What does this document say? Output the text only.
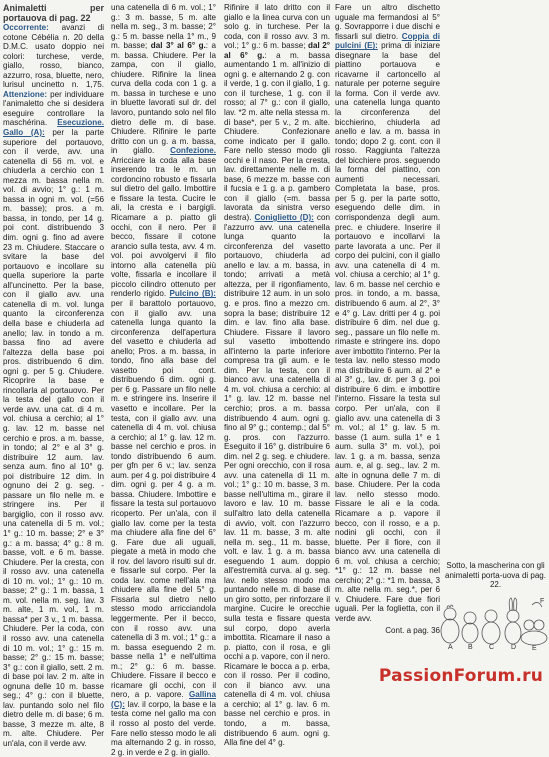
Animaletti per portauova di pag. 22

Occorrente: avanzi di cotone Cébélia n. 20 della D.M.C. usato doppio nei colori: turchese, verde, giallo, rosso, bianco, azzurro, rosa, bluette, nero, lurisul uncinetto n. 1,75. Attenzione: per individuare l'animaletto che si desidera eseguire controllare la maschérina. Esecuzione. Gallo (A): per la parte superiore del portauovo, con il verde, avv. una catenella di 56 m. vol. e chiuderla a cerchio con 1 mezza m. bassa nella m. vol. di avvio; 1° g.: 1 m. bassa in ogni m. vol. (=56 m. basse); pros. a m. bassa, in tondo, per 14 g. poi cont. distribuendo 3 dim. ogni g. fino ad avere 23 m. Chiudere. Staccare o svitare la base del portauovo e incollare su quella superiore la parte all'uncinetto. Per la base, con il giallo avv. una catenella di m. vol. lunga quanto la circonferenza della base e chiuderla ad anello; lav. in tondo a m. bassa fino ad avere l'altezza della base poi pros. distribuendo 6 dim. ogni g. per 5 g. Chiudere. Ricoprire la base e rincollarla al portauovo. Per la testa del gallo con il verde avv. una cat. di 4 m. vol. chiusa a cerchio; al 1° g. lav. 12 m. basse nel cerchio e pros. a m. basse, in tondo; al 2° e al 3° g. distribuire 12 aum. lav. senza aum. fino al 10° g. poi distribuire 12 dim. In ognuno dei 2 g. seg. - passare un filo nelle m. e stringere ins. Per il bargiglio, con il rosso avv. una catenella di 5 m. vol.; 1° g.: 10 m. basse; 2° e 3° g.: a m. bassa; 4° g.: 8 m. basse, volt. e 6 m. basse. Chiudere. Per la cresta, con il rosso avv. una catenella di 10 m. vol.; 1° g.: 10 m. basse; 2° g.: 1 m. bassa, 1 m. vol. nella m. seg. lav. 3 m. alte, 1 m. vol., 1 m. bassa* per 3 v., 1 m. bassa. Chiudere. Per la coda, con il rosso avv. una catenella di 10 m. vol.; 1° g.: 15 m. basse; 2° g.: 15 m. basse; 3° g.: con il giallo, sett. 2 m. di base poi lav. 2 m. alte in ognuna delle 10 m. basse seg.; 4° g.: con il bluette, lav. puntando solo nel filo dietro delle m. di base; 6 m. basse, 3 mezze m. alte, 8 m. alte. Chiudere. Per un'ala, con il verde avv.

una catenella di 6 m. vol.; 1° g.: 3 m. basse, 5 m. alte nella m. seg., 3 m. basse; 2° g.: 5 m. basse nella 1° m., 9 m. basse; dal 3° al 6° g.: a m. bassa. Chiudere. Per la zampa, con il giallo, chiudere. Rifinire la linea curva della coda con 1 g. a m. bassa in turchese e uno in bluette lavorati sul dr. del lavoro, puntando solo nel filo dietro delle m. di base. Chiudere. Rifinire le parte dritto con un g. a m. bassa, in giallo. Confezione. Arricciare la coda alla base inserendo tra le m. un cordoncino robusto e fissarla sul dietro del gallo. Imbottire e fissare la testa. Cucire le ali, la cresta e i bargigli. Ricamare a p. piatto gli occhi, con il nero. Per il becco, fissare il cotone arancio sulla testa, avv. 4 m. vol. poi avvolgervi il filo intorno alla catenella più volte, fissarla e incollare il piccolo cilindro ottenuto per renderlo rigido. Pulcino (B): per il barattolo portauovo, con il giallo avv. una catenella lunga quanto la circonferenza dell'apertura del vasetto e chiuderla ad anello; Pros. a m. bassa, in tondo, fino alla base del vasetto poi cont. distribuendo 6 dim. ogni g. per 6 g. Passare un filo nelle m. e stringere ins. Inserire il vasetto e incollare. Per la testa, con il giallo avv. una catenella di 4 m. vol. chiusa a cerchio; al 1° g. lav. 12 m. basse nel cerchio e pros. in tondo distribuendo 6 aum. per gfn per 6 v.; lav. senza aum. per 4 g. poi distribuire 4 dim. ogni g. per 4 g. a m. bassa. Chiudere. Imbottire e fissare la testa sul portauovo ricoperto. Per un'ala, con il giallo lav. come per la testa ma chiudere alla fine del 6° g. Fare due ali uguali, piegate a metà in modo che il rov. del lavoro risulti sul dr. e fissarle sul corpo. Per la coda lav. come nell'ala ma chiudere alla fine del 5° g. Fissarla sul dietro nello stesso modo arricciandola leggermente. Per il becco, con il rosso avv. una catenella di 3 m. vol.; 1° g.: a m. bassa eseguendo 2 m. basse nella 1° e nell'ultima m.; 2° g.: 6 m. basse. Chiudere. Fissare il becco e ricamare gli occhi, con il nero, a p. vapore. Gallina (C): lav. il corpo, la base e la testa come nel gallo ma con il rosso al posto del verde. Fare nello stesso modo le ali ma alternando 2 g. in rosso, 2 g. in verde e 2 g. in giallo.

Rifinire il lato dritto con il giallo e la linea curva con un solo g. in turchese. Per la coda, con il rosso avv. 3 m. vol.; 1° g.: 6 m. basse; dal 2° al 6° g.: a m. bassa aumentando 1 m. all'inizio di ogni g. e alternando 2 g. con il verde, 1 g. con il giallo, 1 g. con il turchese, 1 g. con il rosso; al 7° g.: con il giallo, lav. *2 m. alte nella stessa m. di base*, per 5 v., 2 m. alte. Chiudere. Confezionare come indicato per il gallo. Fare nello stesso modo gli occhi e il naso. Per la cresta, lav. direttamente nelle m. di base, 6 mezze m. basse con il fucsia e 1 g. a p. gambero con il giallo (=m. bassa lavorata da sinistra verso destra). Coniglietto (D): con l'azzurro avv. una catenella lunga quanto la circonferenza del vasetto portauovo, chiuderla ad anello e lav. a m. bassa, in tondo; arrivati a metà altezza, per il rigonfiamento, distribuire 12 aum. in un solo g. e pros. fino a mezzo cm. sopra la base; distribuire 12 dim. e lav. fino alla base. Chiudere. Fissare il lavoro sul vasetto imbottendo all'interno la parte inferiore compresa tra gli aum. e le dim. Per la testa, con il bianco avv. una catenella di 4 m. vol. chiusa a cerchio: al 1° g. lav. 12 m. basse nel cerchio; pros. a m. bassa distribuendo 4 aum. ogni g. fino al 9° g.; contemp.; dal 5° g. pros. con l'azzurro. Eseguito il 16° g. distribuire 6 dim. nel 2 g. seg. e chiudere. Per ogni orecchio, con il rosa avv. una catenella di 11 m. vol.; 1° g.: 10 m. basse, 3 m. basse nell'ultima m., girare il lavoro e lav. 10 m. basse sull'altro lato della catenella di avvio, volt. con l'azzurro lav. 11 m. basse, 3 m. alte nella m. seg., 11 m. basse, volt. e lav. 1 g. a m. bassa eseguendo 1 aum. doppio all'estremità curva. al g. seg. lav. nello stesso modo ma puntando nelle m. di base di un giro sotto, per rinforzare il margine. Cucire le orecchie sulla testa e fissare questa sul corpo, dopo averla imbottita. Ricamare il naso a p. piatto, con il rosa, e gli occhi a p. vapore, con il nero. Ricamare le bocca a p. erba, con il rosso. Per il codino, con il bianco avv. una catenella di 4 m. vol. chiusa a cerchio; al 1° g. lav. 6 m. basse nel cerchio e pros. in tondo, a m. bassa, distribuendo 6 aum. ogni g. Alla fine del 4° g.

Fare un altro dischetto uguale ma fermandosi al 5° g. Sovrapporre i due dischi e fissarli sul dietro. Coppia di pulcini (E): prima di iniziare disegnare la base del piattino portauova e ricavarne il cartoncello al naturale per poterne seguire la forma. Con il verde avv. una catenella lunga quanto la circonferenza del bicchierino, chiuderla ad anello e lav. a m. bassa in tondo; dopo 2 g. cont. con il rosso. Raggiunta l'altezza del bicchiere pros. seguendo la forma del piattino, con aumenti necessari. Completata la base, pros. per 5 g. per la parte sotto, eseguendo delle dim. in corrispondenza degli aum. prec. e chiudere. Inserire il portauovo e incollarvi la parte lavorata a unc. Per il corpo dei pulcini, con il giallo avv. una catenella di 4 m. vol. chiusa a cerchio; al 1° g. lav. 6 m. basse nel cerchio e pros. in tondo, a m. bassa, distribuendo 6 aum. al 2°, 3° e 4° g. Lav. dritti per 4 g. poi distribuire 6 dim. nel due g. seg., passare un filo nelle m. rimaste e stringere ins. dopo aver imbottito l'interno. Per la testa lav. nello stesso modo ma distribuire 6 aum. al 2° e al 3° g., lav. dr. per 3 g. poi distribuire 6 dim. e imbottire l'interno. Fissare la testa sul corpo. Per un'ala, con il giallo avv. una catenella di 3 m. vol.; al 1° g. lav. 5 m. basse (1 aum. sulla 1° e 1 aum. sulla 3° m. vol.), poi lav. 1 g. a m. bassa, senza aum. e, al g. seg., lav. 2 m. alte in ognuna delle 7 m. di base. Chiudere. Per la coda lav. nello stesso modo. Fissare le ali e la coda. Ricamare a p. vapore il becco, con il rosso, e a p. nodini gli occhi, con il bluette. Per il fiore, con il bianco avv. una catenella di 6 m. vol. chiusa a cerchio; *1° g.: 12 m. basse nel cerchio; 2° g.: *1 m. bassa, 3 m. alte nella m. seg.*, per 6 v. Chiudere. Fare due fiori uguali. Per la foglietta, con il verde avv.

Cont. a pag. 36

Sotto, la mascherina con gli animaletti porta-uova di pag. 22.
A B C D E
F
PassionForum.ru
